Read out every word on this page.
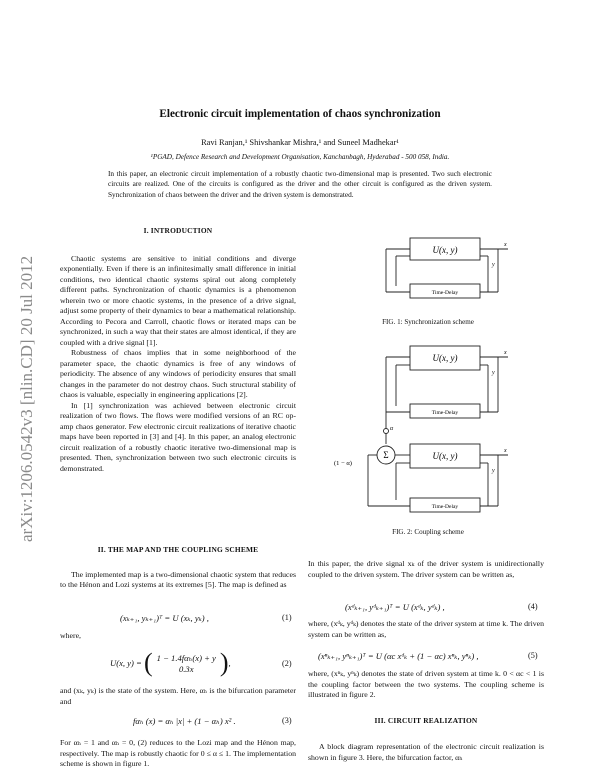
arXiv:1206.0542v3 [nlin.CD] 20 Jul 2012
Electronic circuit implementation of chaos synchronization
Ravi Ranjan,¹ Shivshankar Mishra,¹ and Suneel Madhekar¹
¹PGAD, Defence Research and Development Organisation, Kanchanbagh, Hyderabad - 500 058, India.
In this paper, an electronic circuit implementation of a robustly chaotic two-dimensional map is presented. Two such electronic circuits are realized. One of the circuits is configured as the driver and the other circuit is configured as the driven system. Synchronization of chaos between the driver and the driven system is demonstrated.
I. INTRODUCTION

Chaotic systems are sensitive to initial conditions and diverge exponentially. Even if there is an infinitesimally small difference in initial conditions, two identical chaotic systems spiral out along completely different paths. Synchronization of chaotic dynamics is a phenomenon wherein two or more chaotic systems, in the presence of a drive signal, adjust some property of their dynamics to bear a mathematical relationship. According to Pecora and Carroll, chaotic flows or iterated maps can be synchronized, in such a way that their states are almost identical, if they are coupled with a drive signal [1].

Robustness of chaos implies that in some neighborhood of the parameter space, the chaotic dynamics is free of any windows of periodicity. The absence of any windows of periodicity ensures that small changes in the parameter do not destroy chaos. Such structural stability of chaos is valuable, especially in engineering applications [2].

In [1] synchronization was achieved between electronic circuit realization of two flows. The flows were modified versions of an RC op-amp chaos generator. Few electronic circuit realizations of iterative chaotic maps have been reported in [3] and [4]. In this paper, an analog electronic circuit realization of a robustly chaotic iterative two-dimensional map is presented. Then, synchronization between two such electronic circuits is demonstrated.

II. THE MAP AND THE COUPLING SCHEME

The implemented map is a two-dimensional chaotic system that reduces to the Hénon and Lozi systems at its extremes [5]. The map is defined as

(xₖ₊₁, yₖ₊₁)ᵀ = U (xₖ, yₖ) ,	(1)
where,
U(x, y) = ( 1 − 1.4fαₕ(x) + y
0.3x ),	(2)
and (xₖ, yₖ) is the state of the system. Here, αₕ is the bifurcation parameter and
fαₕ (x) = αₕ |x| + (1 − αₕ) x² .	(3)
For αₕ = 1 and αₕ = 0, (2) reduces to the Lozi map and the Hénon map, respectively. The map is robustly chaotic for 0 ≤ α ≤ 1. The implementation scheme is shown in figure 1.
U(x, y)
Time-Delay
x
y
FIG. 1: Synchronization scheme
U(x, y)
Time-Delay
x
y
α
Σ
(1 − α)
U(x, y)
Time-Delay
x
y
FIG. 2: Coupling scheme
In this paper, the drive signal xₖ of the driver system is unidirectionally coupled to the driven system. The driver system can be written as,
(xᵈₖ₊₁, yᵈₖ₊₁)ᵀ = U (xᵈₖ, yᵈₖ) ,	(4)
where, (xᵈₖ, yᵈₖ) denotes the state of the driver system at time k. The driven system can be written as,
(xⁿₖ₊₁, yⁿₖ₊₁)ᵀ = U (αc xᵈₖ + (1 − αc) xⁿₖ, yⁿₖ) ,	(5)
where, (xⁿₖ, yⁿₖ) denotes the state of driven system at time k. 0 < αc < 1 is the coupling factor between the two systems. The coupling scheme is illustrated in figure 2.
III. CIRCUIT REALIZATION

A block diagram representation of the electronic circuit realization is shown in figure 3. Here, the bifurcation factor, αₕ
